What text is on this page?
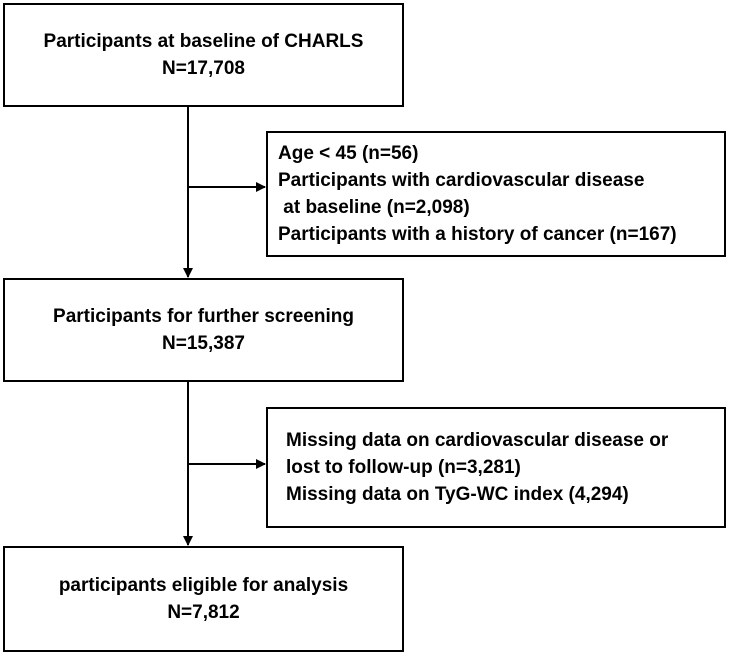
Participants at baseline of CHARLS
N=17,708
Age < 45 (n=56)
Participants with cardiovascular disease
at baseline (n=2,098)
Participants with a history of cancer (n=167)
Participants for further screening
N=15,387
Missing data on cardiovascular disease or
lost to follow-up (n=3,281)
Missing data on TyG-WC index (4,294)
participants eligible for analysis
N=7,812
